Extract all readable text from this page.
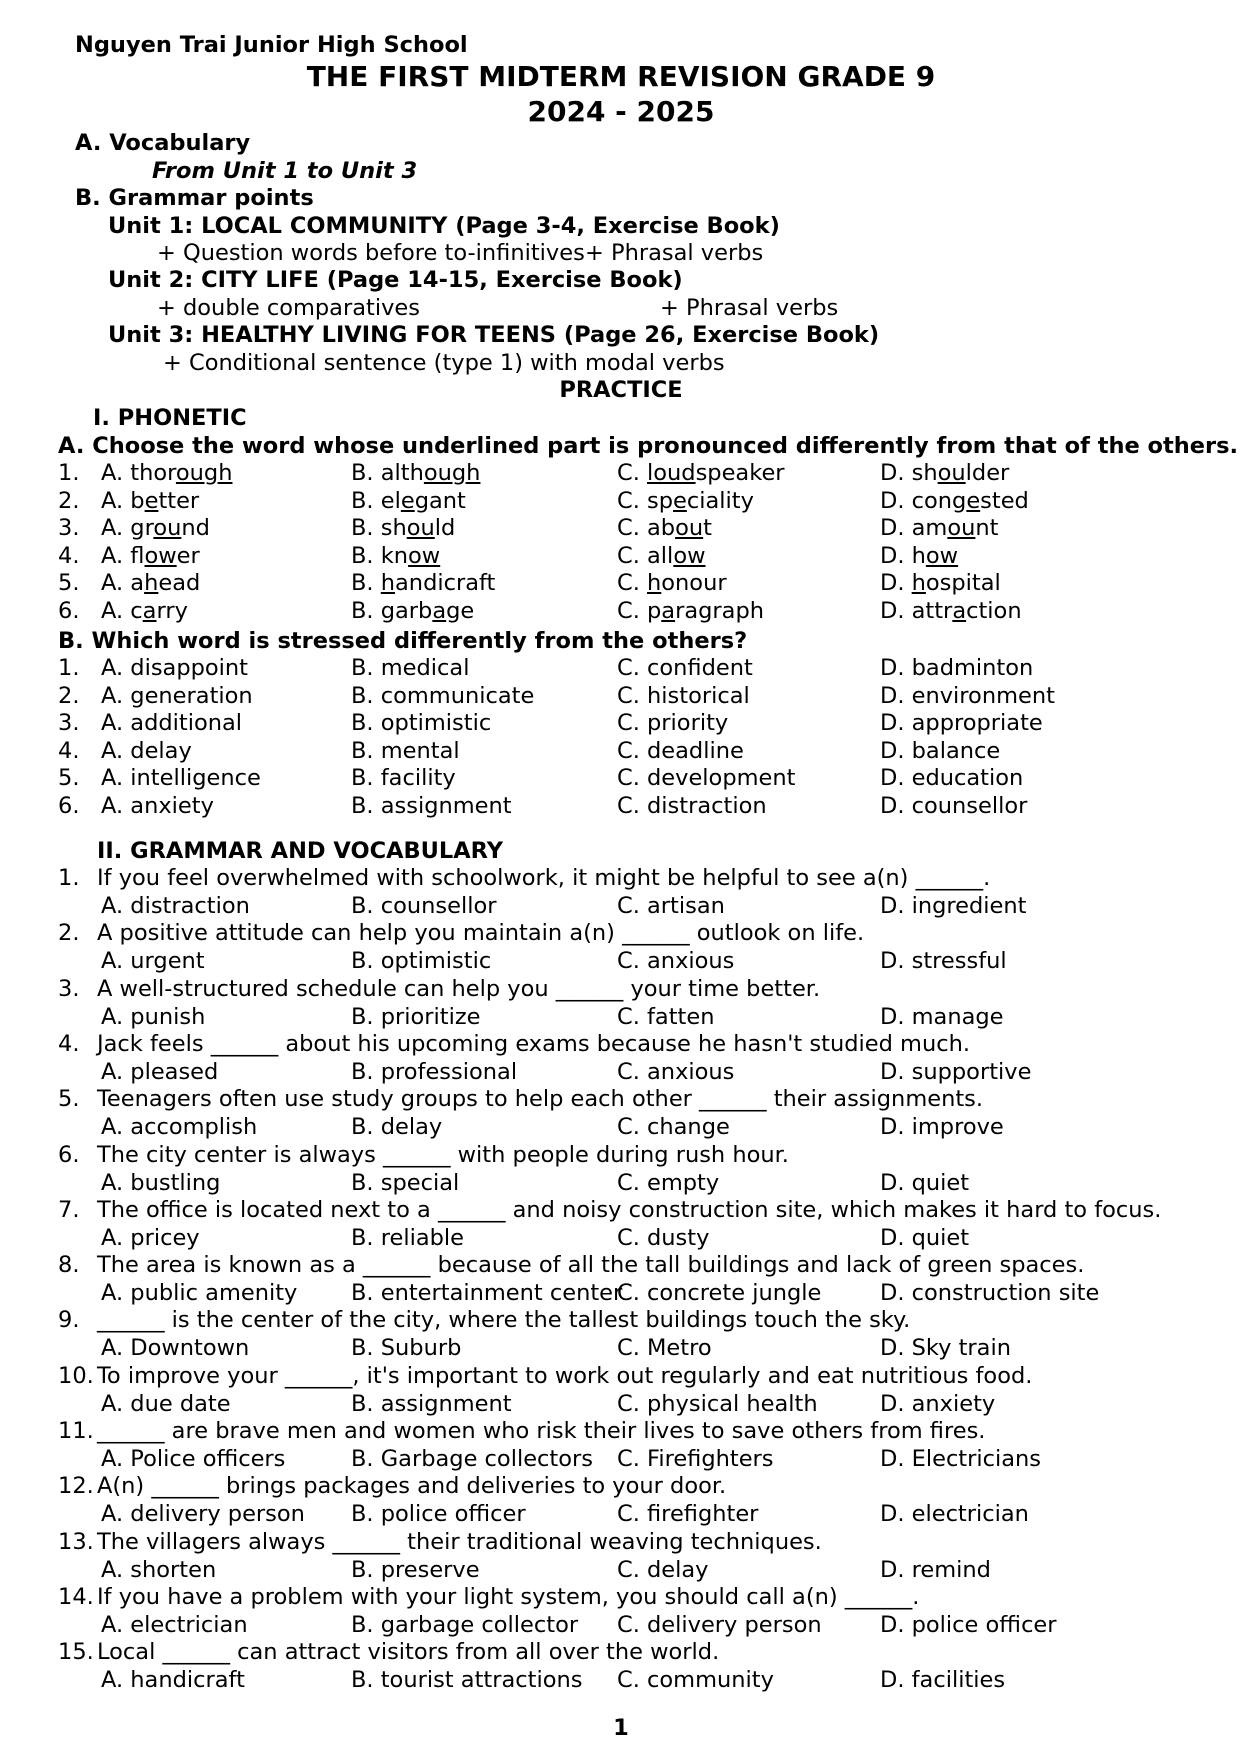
Nguyen Trai Junior High School
THE FIRST MIDTERM REVISION GRADE 9
2024 - 2025
A. Vocabulary
From Unit 1 to Unit 3
B. Grammar points
Unit 1: LOCAL COMMUNITY (Page 3-4, Exercise Book)
+ Question words before to-infinitives + Phrasal verbs
Unit 2: CITY LIFE (Page 14-15, Exercise Book)
+ double comparatives	+ Phrasal verbs
Unit 3: HEALTHY LIVING FOR TEENS (Page 26, Exercise Book)
+ Conditional sentence (type 1) with modal verbs
PRACTICE
I. PHONETIC
A. Choose the word whose underlined part is pronounced differently from that of the others.
1. A. thorough	B. although	C. loudspeaker	D. shoulder
2. A. better	B. elegant	C. speciality	D. congested
3. A. ground	B. should	C. about	D. amount
4. A. flower	B. know	C. allow	D. how
5. A. ahead	B. handicraft	C. honour	D. hospital
6. A. carry	B. garbage	C. paragraph	D. attraction
B. Which word is stressed differently from the others?
1. A. disappoint	B. medical	C. confident	D. badminton
2. A. generation	B. communicate	C. historical	D. environment
3. A. additional	B. optimistic	C. priority	D. appropriate
4. A. delay	B. mental	C. deadline	D. balance
5. A. intelligence	B. facility	C. development	D. education
6. A. anxiety	B. assignment	C. distraction	D. counsellor
II. GRAMMAR AND VOCABULARY
1. If you feel overwhelmed with schoolwork, it might be helpful to see a(n) ______.
A. distraction	B. counsellor	C. artisan	D. ingredient
2. A positive attitude can help you maintain a(n) ______ outlook on life.
A. urgent	B. optimistic	C. anxious	D. stressful
3. A well-structured schedule can help you ______ your time better.
A. punish	B. prioritize	C. fatten	D. manage
4. Jack feels ______ about his upcoming exams because he hasn't studied much.
A. pleased	B. professional	C. anxious	D. supportive
5. Teenagers often use study groups to help each other ______ their assignments.
A. accomplish	B. delay	C. change	D. improve
6. The city center is always ______ with people during rush hour.
A. bustling	B. special	C. empty	D. quiet
7. The office is located next to a ______ and noisy construction site, which makes it hard to focus.
A. pricey	B. reliable	C. dusty	D. quiet
8. The area is known as a ______ because of all the tall buildings and lack of green spaces.
A. public amenity B. entertainment center
C. concrete jungle	D. construction site
9. ______ is the center of the city, where the tallest buildings touch the sky.
A. Downtown	B. Suburb	C. Metro	D. Sky train
10. To improve your ______, it's important to work out regularly and eat nutritious food.
A. due date	B. assignment	C. physical health	D. anxiety
11. ______ are brave men and women who risk their lives to save others from fires.
A. Police officers	B. Garbage collectors C. Firefighters	D. Electricians
12. A(n) ______ brings packages and deliveries to your door.
A. delivery person B. police officer	C. firefighter	D. electrician
13. The villagers always ______ their traditional weaving techniques.
A. shorten	B. preserve	C. delay	D. remind
14. If you have a problem with your light system, you should call a(n) ______.
A. electrician	B. garbage collector C. delivery person	D. police officer
15. Local ______ can attract visitors from all over the world.
A. handicraft	B. tourist attractions C. community	D. facilities
1
